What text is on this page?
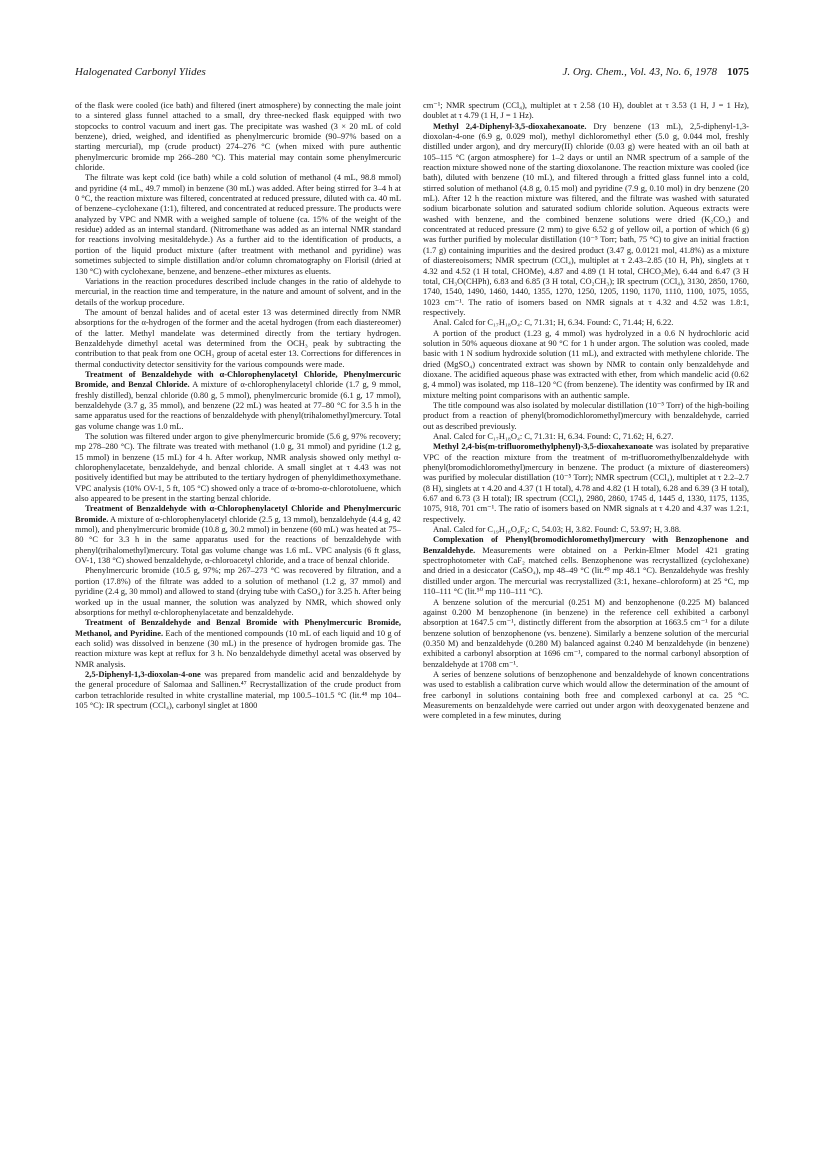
Halogenated Carbonyl Ylides	J. Org. Chem., Vol. 43, No. 6, 1978 1075

of the flask were cooled (ice bath) and filtered (inert atmosphere) by connecting the male joint to a sintered glass funnel attached to a small, dry three-necked flask equipped with two stopcocks to control vacuum and inert gas. The precipitate was washed (3 × 20 mL of cold benzene), dried, weighed, and identified as phenylmercuric bromide (90–97% based on a starting mercurial), mp (crude product) 274–276 °C (when mixed with pure authentic phenylmercuric bromide mp 266–280 °C). This material may contain some phenylmercuric chloride.

The filtrate was kept cold (ice bath) while a cold solution of methanol (4 mL, 98.8 mmol) and pyridine (4 mL, 49.7 mmol) in benzene (30 mL) was added. After being stirred for 3–4 h at 0 °C, the reaction mixture was filtered, concentrated at reduced pressure, diluted with ca. 40 mL of benzene–cyclohexane (1:1), filtered, and concentrated at reduced pressure. The products were analyzed by VPC and NMR with a weighed sample of toluene (ca. 15% of the weight of the residue) added as an internal standard. (Nitromethane was added as an internal NMR standard for reactions involving mesitaldehyde.) As a further aid to the identification of products, a portion of the liquid product mixture (after treatment with methanol and pyridine) was sometimes subjected to simple distillation and/or column chromatography on Florisil (dried at 130 °C) with cyclohexane, benzene, and benzene–ether mixtures as eluents.

Variations in the reaction procedures described include changes in the ratio of aldehyde to mercurial, in the reaction time and temperature, in the nature and amount of solvent, and in the details of the workup procedure.

The amount of benzal halides and of acetal ester 13 was determined directly from NMR absorptions for the α-hydrogen of the former and the acetal hydrogen (from each diastereomer) of the latter. Methyl mandelate was determined directly from the tertiary hydrogen. Benzaldehyde dimethyl acetal was determined from the OCH₃ peak by subtracting the contribution to that peak from one OCH₃ group of acetal ester 13. Corrections for differences in thermal conductivity detector sensitivity for the various compounds were made.

Treatment of Benzaldehyde with α-Chlorophenylacetyl Chloride, Phenylmercuric Bromide, and Benzal Chloride. A mixture of α-chlorophenylacetyl chloride (1.7 g, 9 mmol, freshly distilled), benzal chloride (0.80 g, 5 mmol), phenylmercuric bromide (6.1 g, 17 mmol), benzaldehyde (3.7 g, 35 mmol), and benzene (22 mL) was heated at 77–80 °C for 3.5 h in the same apparatus used for the reactions of benzaldehyde with phenyl(trihalomethyl)mercury. Total gas volume change was 1.0 mL.

The solution was filtered under argon to give phenylmercuric bromide (5.6 g, 97% recovery; mp 278–280 °C). The filtrate was treated with methanol (1.0 g, 31 mmol) and pyridine (1.2 g, 15 mmol) in benzene (15 mL) for 4 h. After workup, NMR analysis showed only methyl α-chlorophenylacetate, benzaldehyde, and benzal chloride. A small singlet at τ 4.43 was not positively identified but may be attributed to the tertiary hydrogen of phenyldimethoxymethane. VPC analysis (10% OV-1, 5 ft, 105 °C) showed only a trace of α-bromo-α-chlorotoluene, which also appeared to be present in the starting benzal chloride.

Treatment of Benzaldehyde with α-Chlorophenylacetyl Chloride and Phenylmercuric Bromide. A mixture of α-chlorophenylacetyl chloride (2.5 g, 13 mmol), benzaldehyde (4.4 g, 42 mmol), and phenylmercuric bromide (10.8 g, 30.2 mmol) in benzene (60 mL) was heated at 75–80 °C for 3.3 h in the same apparatus used for the reactions of benzaldehyde with phenyl(trihalomethyl)mercury. Total gas volume change was 1.6 mL. VPC analysis (6 ft glass, OV-1, 138 °C) showed benzaldehyde, α-chloroacetyl chloride, and a trace of benzal chloride.

Phenylmercuric bromide (10.5 g, 97%; mp 267–273 °C was recovered by filtration, and a portion (17.8%) of the filtrate was added to a solution of methanol (1.2 g, 37 mmol) and pyridine (2.4 g, 30 mmol) and allowed to stand (drying tube with CaSO₄) for 3.25 h. After being worked up in the usual manner, the solution was analyzed by NMR, which showed only absorptions for methyl α-chlorophenylacetate and benzaldehyde.

Treatment of Benzaldehyde and Benzal Bromide with Phenylmercuric Bromide, Methanol, and Pyridine. Each of the mentioned compounds (10 mL of each liquid and 10 g of each solid) was dissolved in benzene (30 mL) in the presence of hydrogen bromide gas. The reaction mixture was kept at reflux for 3 h. No benzaldehyde dimethyl acetal was observed by NMR analysis.

2,5-Diphenyl-1,3-dioxolan-4-one was prepared from mandelic acid and benzaldehyde by the general procedure of Salomaa and Sallinen.⁴⁷ Recrystallization of the crude product from carbon tetrachloride resulted in white crystalline material, mp 100.5–101.5 °C (lit.⁴⁸ mp 104–105 °C): IR spectrum (CCl₄), carbonyl singlet at 1800

cm⁻¹; NMR spectrum (CCl₄), multiplet at τ 2.58 (10 H), doublet at τ 3.53 (1 H, J = 1 Hz), doublet at τ 4.79 (1 H, J = 1 Hz).

Methyl 2,4-Diphenyl-3,5-dioxahexanoate. Dry benzene (13 mL), 2,5-diphenyl-1,3-dioxolan-4-one (6.9 g, 0.029 mol), methyl dichloromethyl ether (5.0 g, 0.044 mol, freshly distilled under argon), and dry mercury(II) chloride (0.03 g) were heated with an oil bath at 105–115 °C (argon atmosphere) for 1–2 days or until an NMR spectrum of a sample of the reaction mixture showed none of the starting dioxolanone. The reaction mixture was cooled (ice bath), diluted with benzene (10 mL), and filtered through a fritted glass funnel into a cold, stirred solution of methanol (4.8 g, 0.15 mol) and pyridine (7.9 g, 0.10 mol) in dry benzene (20 mL). After 12 h the reaction mixture was filtered, and the filtrate was washed with saturated sodium bicarbonate solution and saturated sodium chloride solution. Aqueous extracts were washed with benzene, and the combined benzene solutions were dried (K₂CO₃) and concentrated at reduced pressure (2 mm) to give 6.52 g of yellow oil, a portion of which (6 g) was further purified by molecular distillation (10⁻⁵ Torr; bath, 75 °C) to give an initial fraction (1.7 g) containing impurities and the desired product (3.47 g, 0.0121 mol, 41.8%) as a mixture of diastereoisomers; NMR spectrum (CCl₄), multiplet at τ 2.43–2.85 (10 H, Ph), singlets at τ 4.32 and 4.52 (1 H total, CHOMe), 4.87 and 4.89 (1 H total, CHCO₂Me), 6.44 and 6.47 (3 H total, CH₃O(CHPh), 6.83 and 6.85 (3 H total, CO₂CH₃); IR spectrum (CCl₄), 3130, 2850, 1760, 1740, 1540, 1490, 1460, 1440, 1355, 1270, 1250, 1205, 1190, 1170, 1110, 1100, 1075, 1055, 1023 cm⁻¹. The ratio of isomers based on NMR signals at τ 4.32 and 4.52 was 1.8:1, respectively.

Anal. Calcd for C₁₇H₁₈O₄: C, 71.31; H, 6.34. Found: C, 71.44; H, 6.22.

A portion of the product (1.23 g, 4 mmol) was hydrolyzed in a 0.6 N hydrochloric acid solution in 50% aqueous dioxane at 90 °C for 1 h under argon. The solution was cooled, made basic with 1 N sodium hydroxide solution (11 mL), and extracted with methylene chloride. The dried (MgSO₄) concentrated extract was shown by NMR to contain only benzaldehyde and dioxane. The acidified aqueous phase was extracted with ether, from which mandelic acid (0.62 g, 4 mmol) was isolated, mp 118–120 °C (from benzene). The identity was confirmed by IR and mixture melting point comparisons with an authentic sample.

The title compound was also isolated by molecular distillation (10⁻⁵ Torr) of the high-boiling product from a reaction of phenyl(bromodichloromethyl)mercury with benzaldehyde, carried out as described previously.

Anal. Calcd for C₁₇H₁₈O₄: C, 71.31: H, 6.34. Found: C, 71.62; H, 6.27.

Methyl 2,4-bis(m-trifluoromethylphenyl)-3,5-dioxahexanoate was isolated by preparative VPC of the reaction mixture from the treatment of m-trifluoromethylbenzaldehyde with phenyl(bromodichloromethyl)mercury in benzene. The product (a mixture of diastereomers) was purified by molecular distillation (10⁻⁵ Torr); NMR spectrum (CCl₄), multiplet at τ 2.2–2.7 (8 H), singlets at τ 4.20 and 4.37 (1 H total), 4.78 and 4.82 (1 H total), 6.28 and 6.39 (3 H total), 6.67 and 6.73 (3 H total); IR spectrum (CCl₄), 2980, 2860, 1745 d, 1445 d, 1330, 1175, 1135, 1075, 918, 701 cm⁻¹. The ratio of isomers based on NMR signals at τ 4.20 and 4.37 was 1.2:1, respectively.

Anal. Calcd for C₁₉H₁₆O₄F₆: C, 54.03; H, 3.82. Found: C, 53.97; H, 3.88.

Complexation of Phenyl(bromodichloromethyl)mercury with Benzophenone and Benzaldehyde. Measurements were obtained on a Perkin-Elmer Model 421 grating spectrophotometer with CaF₂ matched cells. Benzophenone was recrystallized (cyclohexane) and dried in a desiccator (CaSO₄), mp 48–49 °C (lit.⁴⁹ mp 48.1 °C). Benzaldehyde was freshly distilled under argon. The mercurial was recrystallized (3:1, hexane–chloroform) at 25 °C, mp 110–111 °C (lit.⁵⁰ mp 110–111 °C).

A benzene solution of the mercurial (0.251 M) and benzophenone (0.225 M) balanced against 0.200 M benzophenone (in benzene) in the reference cell exhibited a carbonyl absorption at 1647.5 cm⁻¹, distinctly different from the absorption at 1663.5 cm⁻¹ for a dilute benzene solution of benzophenone (vs. benzene). Similarly a benzene solution of the mercurial (0.350 M) and benzaldehyde (0.280 M) balanced against 0.240 M benzaldehyde (in benzene) exhibited a carbonyl absorption at 1696 cm⁻¹, compared to the normal carbonyl absorption of benzaldehyde at 1708 cm⁻¹.

A series of benzene solutions of benzophenone and benzaldehyde of known concentrations was used to establish a calibration curve which would allow the determination of the amount of free carbonyl in solutions containing both free and complexed carbonyl at ca. 25 °C. Measurements on benzaldehyde were carried out under argon with deoxygenated benzene and were completed in a few minutes, during
